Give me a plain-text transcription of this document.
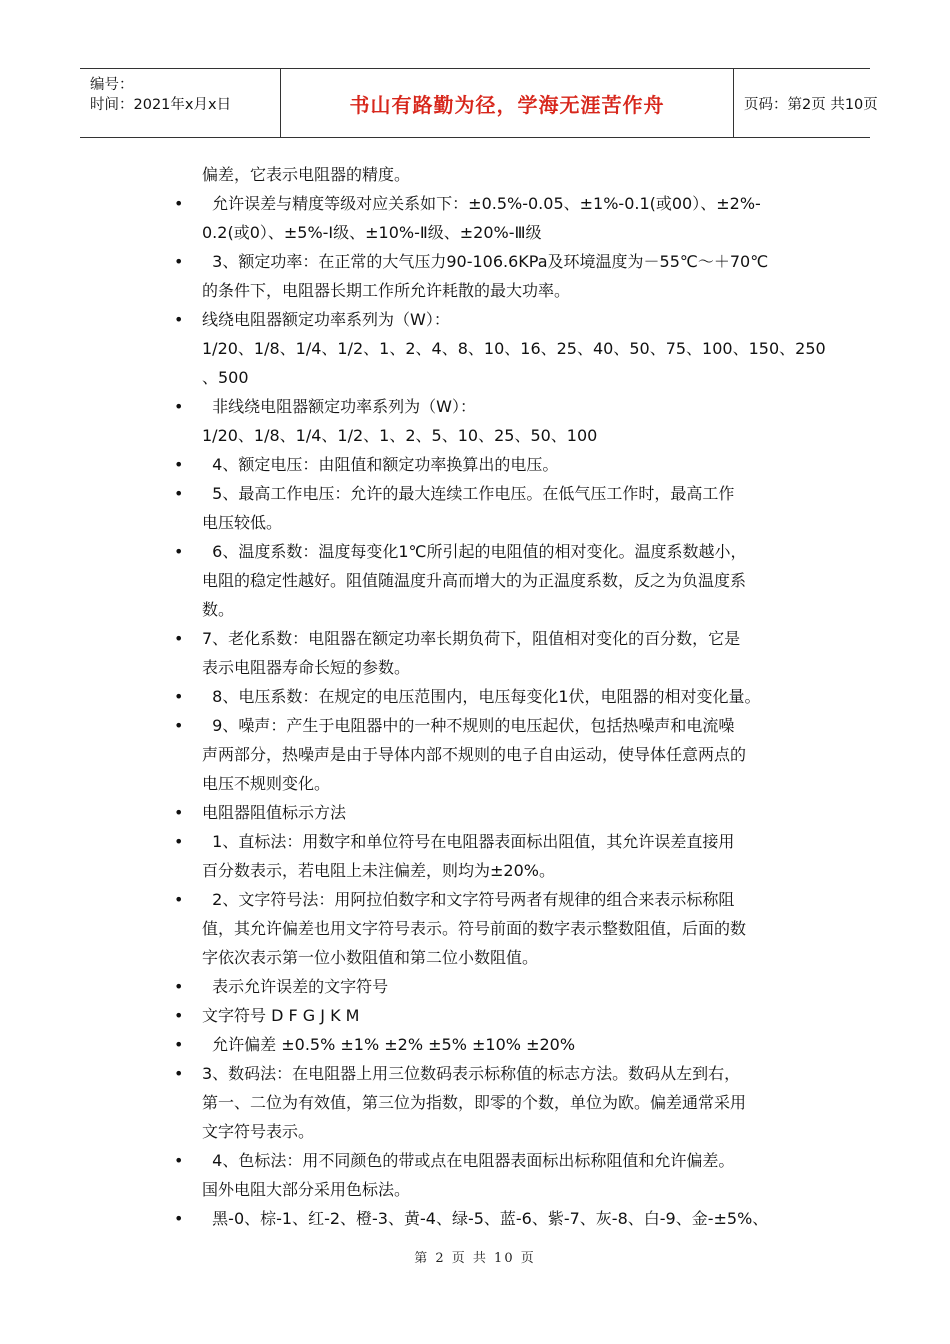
编号：
时间：2021年x月x日	书山有路勤为径，学海无涯苦作舟	页码：第2页 共10页
偏差，它表示电阻器的精度。
• 允许误差与精度等级对应关系如下：±0.5%-0.05、±1%-0.1(或00）、±2%-
0.2(或0）、±5%-Ⅰ级、±10%-Ⅱ级、±20%-Ⅲ级
• 3、额定功率：在正常的大气压力90-106.6KPa及环境温度为－55℃～＋70℃
的条件下，电阻器长期工作所允许耗散的最大功率。
• 线绕电阻器额定功率系列为（W）：
1/20、1/8、1/4、1/2、1、2、4、8、10、16、25、40、50、75、100、150、250
、500
• 非线绕电阻器额定功率系列为（W）：
1/20、1/8、1/4、1/2、1、2、5、10、25、50、100
• 4、额定电压：由阻值和额定功率换算出的电压。
• 5、最高工作电压：允许的最大连续工作电压。在低气压工作时，最高工作
电压较低。
• 6、温度系数：温度每变化1℃所引起的电阻值的相对变化。温度系数越小，
电阻的稳定性越好。阻值随温度升高而增大的为正温度系数，反之为负温度系
数。
• 7、老化系数：电阻器在额定功率长期负荷下，阻值相对变化的百分数，它是
表示电阻器寿命长短的参数。
• 8、电压系数：在规定的电压范围内，电压每变化1伏，电阻器的相对变化量。
• 9、噪声：产生于电阻器中的一种不规则的电压起伏，包括热噪声和电流噪
声两部分，热噪声是由于导体内部不规则的电子自由运动，使导体任意两点的
电压不规则变化。
• 电阻器阻值标示方法
• 1、直标法：用数字和单位符号在电阻器表面标出阻值，其允许误差直接用
百分数表示，若电阻上未注偏差，则均为±20%。
• 2、文字符号法：用阿拉伯数字和文字符号两者有规律的组合来表示标称阻
值，其允许偏差也用文字符号表示。符号前面的数字表示整数阻值，后面的数
字依次表示第一位小数阻值和第二位小数阻值。
• 表示允许误差的文字符号
• 文字符号 D F G J K M
• 允许偏差 ±0.5% ±1% ±2% ±5% ±10% ±20%
• 3、数码法：在电阻器上用三位数码表示标称值的标志方法。数码从左到右，
第一、二位为有效值，第三位为指数，即零的个数，单位为欧。偏差通常采用
文字符号表示。
• 4、色标法：用不同颜色的带或点在电阻器表面标出标称阻值和允许偏差。
国外电阻大部分采用色标法。
• 黑-0、棕-1、红-2、橙-3、黄-4、绿-5、蓝-6、紫-7、灰-8、白-9、金-±5%、
第 2 页 共 10 页
